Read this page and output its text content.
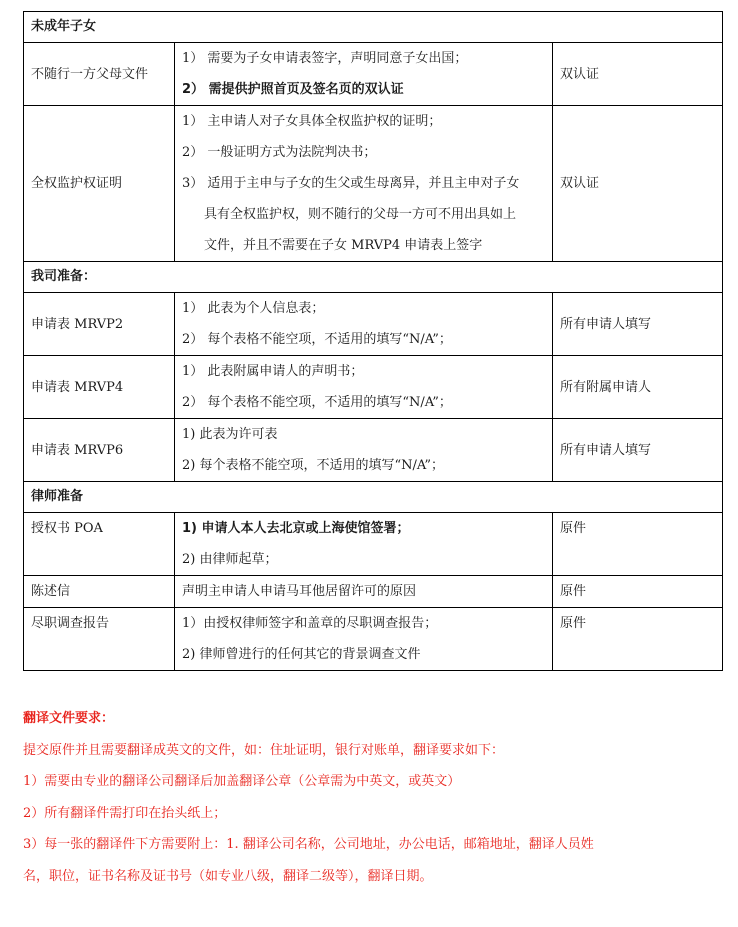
未成年子女		
不随行一方父母文件	1） 需要为子女申请表签字，声明同意子女出国；
2） 需提供护照首页及签名页的双认证	双认证
全权监护权证明	1） 主申请人对子女具体全权监护权的证明；
2） 一般证明方式为法院判决书；
3） 适用于主申与子女的生父或生母离异，并且主申对子女
具有全权监护权，则不随行的父母一方可不用出具如上
文件，并且不需要在子女 MRVP4 申请表上签字	双认证
我司准备：		
申请表 MRVP2	1） 此表为个人信息表；
2） 每个表格不能空项，不适用的填写“N/A”；	所有申请人填写
申请表 MRVP4	1） 此表附属申请人的声明书；
2） 每个表格不能空项，不适用的填写“N/A”；	所有附属申请人
申请表 MRVP6	1) 此表为许可表
2) 每个表格不能空项，不适用的填写“N/A”；	所有申请人填写
律师准备		
授权书 POA	1) 申请人本人去北京或上海使馆签署；
2) 由律师起草；	原件
陈述信	声明主申请人申请马耳他居留许可的原因	原件
尽职调查报告	1）由授权律师签字和盖章的尽职调查报告；
2) 律师曾进行的任何其它的背景调查文件	原件
翻译文件要求：
提交原件并且需要翻译成英文的文件，如：住址证明，银行对账单，翻译要求如下：
1）需要由专业的翻译公司翻译后加盖翻译公章（公章需为中英文，或英文）
2）所有翻译件需打印在抬头纸上；
3）每一张的翻译件下方需要附上：1. 翻译公司名称，公司地址，办公电话，邮箱地址，翻译人员姓
名，职位，证书名称及证书号（如专业八级，翻译二级等），翻译日期。
